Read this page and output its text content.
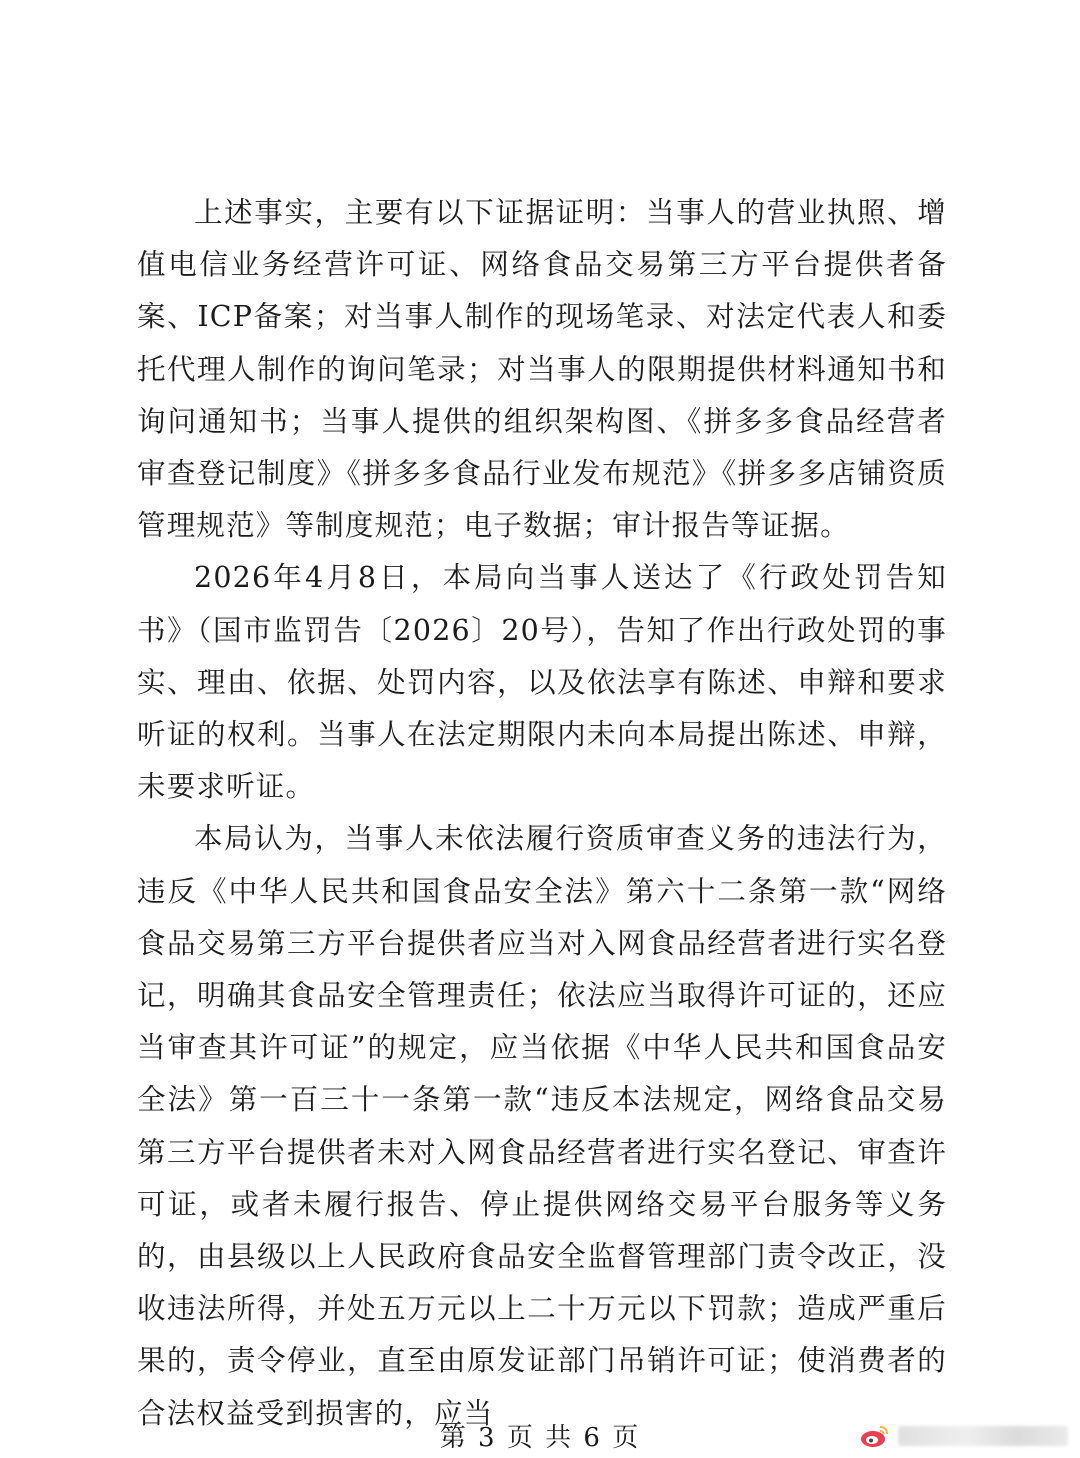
上述事实，主要有以下证据证明：当事人的营业执照、增值电信业务经营许可证、网络食品交易第三方平台提供者备案、ICP备案；对当事人制作的现场笔录、对法定代表人和委托代理人制作的询问笔录；对当事人的限期提供材料通知书和询问通知书；当事人提供的组织架构图、《拼多多食品经营者审查登记制度》《拼多多食品行业发布规范》《拼多多店铺资质管理规范》等制度规范；电子数据；审计报告等证据。

2026年4月8日，本局向当事人送达了《行政处罚告知书》（国市监罚告〔2026〕20号），告知了作出行政处罚的事实、理由、依据、处罚内容，以及依法享有陈述、申辩和要求听证的权利。当事人在法定期限内未向本局提出陈述、申辩，未要求听证。

本局认为，当事人未依法履行资质审查义务的违法行为，违反《中华人民共和国食品安全法》第六十二条第一款“网络食品交易第三方平台提供者应当对入网食品经营者进行实名登记，明确其食品安全管理责任；依法应当取得许可证的，还应当审查其许可证”的规定，应当依据《中华人民共和国食品安全法》第一百三十一条第一款“违反本法规定，网络食品交易第三方平台提供者未对入网食品经营者进行实名登记、审查许可证，或者未履行报告、停止提供网络交易平台服务等义务的，由县级以上人民政府食品安全监督管理部门责令改正，没收违法所得，并处五万元以上二十万元以下罚款；造成严重后果的，责令停业，直至由原发证部门吊销许可证；使消费者的合法权益受到损害的，应当

第 3 页 共 6 页
